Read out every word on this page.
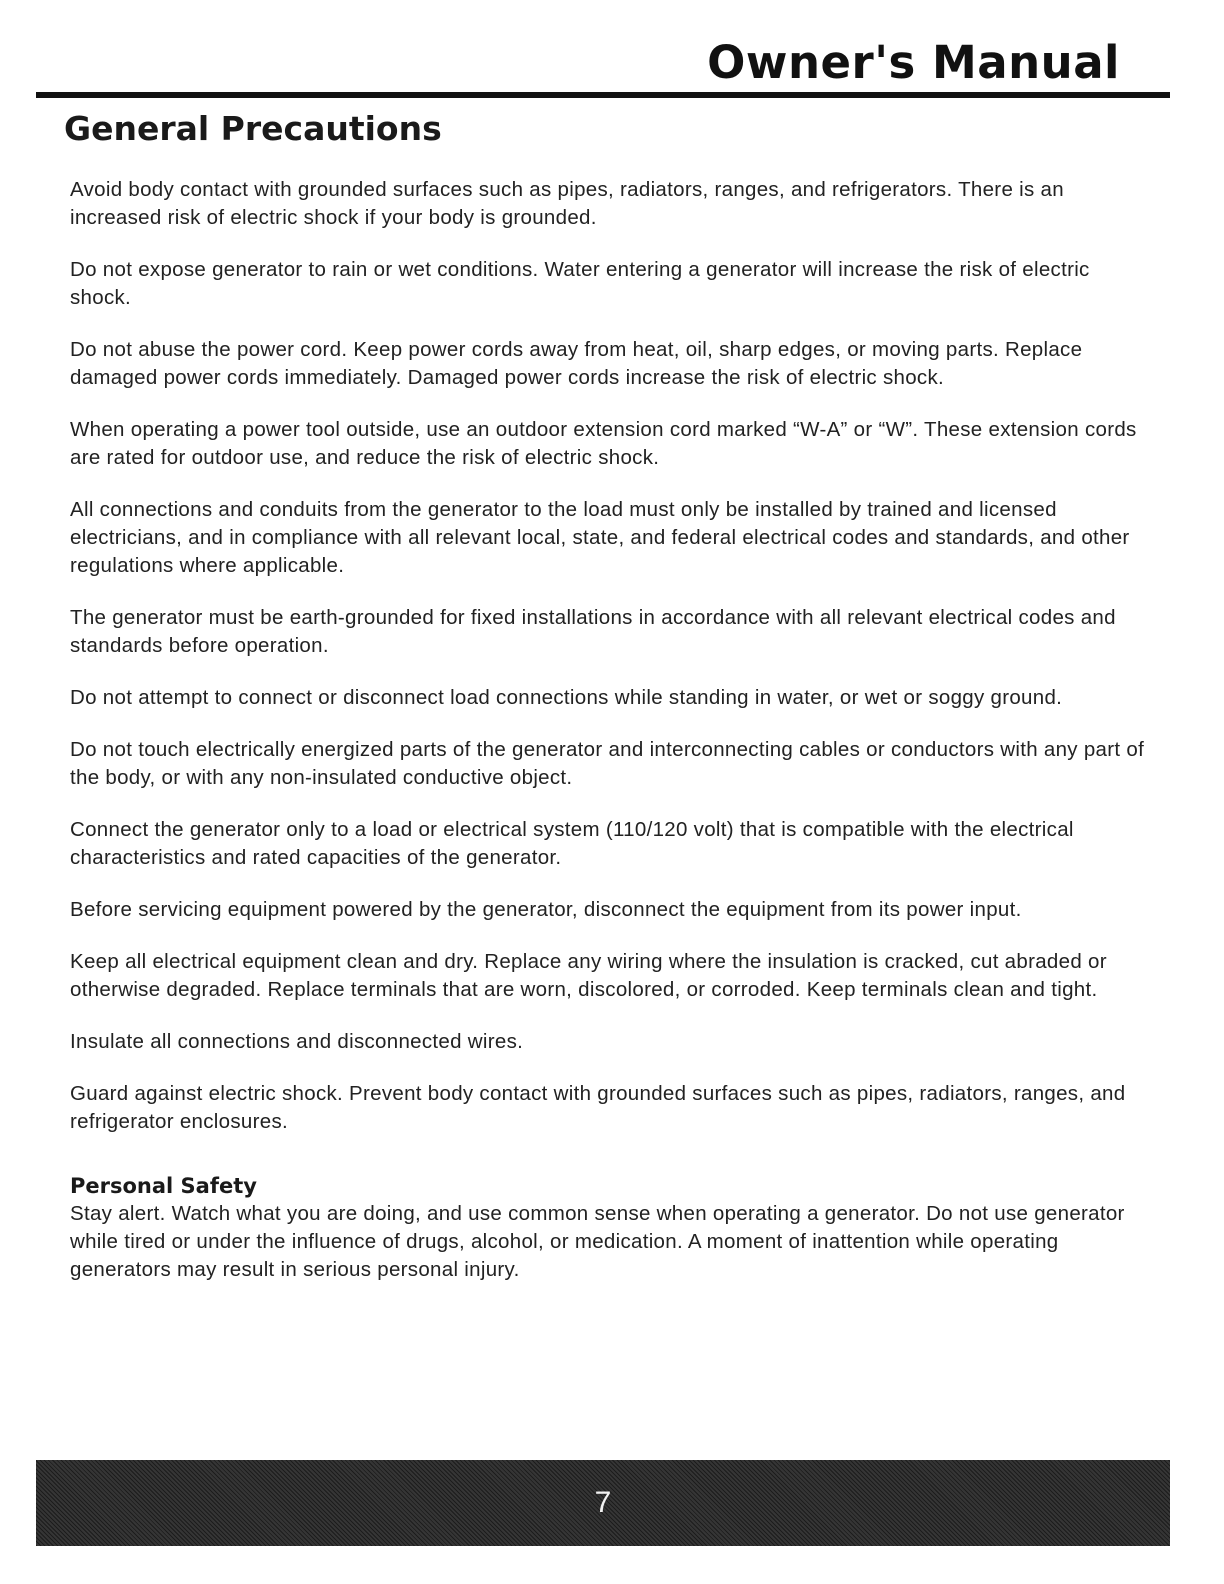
Owner's Manual
General Precautions

Avoid body contact with grounded surfaces such as pipes, radiators, ranges, and refrigerators. There is an increased risk of electric shock if your body is grounded.

Do not expose generator to rain or wet conditions. Water entering a generator will increase the risk of electric shock.

Do not abuse the power cord. Keep power cords away from heat, oil, sharp edges, or moving parts. Replace damaged power cords immediately. Damaged power cords increase the risk of electric shock.

When operating a power tool outside, use an outdoor extension cord marked “W-A” or “W”. These extension cords are rated for outdoor use, and reduce the risk of electric shock.

All connections and conduits from the generator to the load must only be installed by trained and licensed electricians, and in compliance with all relevant local, state, and federal electrical codes and standards, and other regulations where applicable.

The generator must be earth-grounded for fixed installations in accordance with all relevant electrical codes and standards before operation.

Do not attempt to connect or disconnect load connections while standing in water, or wet or soggy ground.

Do not touch electrically energized parts of the generator and interconnecting cables or conductors with any part of the body, or with any non-insulated conductive object.

Connect the generator only to a load or electrical system (110/120 volt) that is compatible with the electrical characteristics and rated capacities of the generator.

Before servicing equipment powered by the generator, disconnect the equipment from its power input.

Keep all electrical equipment clean and dry. Replace any wiring where the insulation is cracked, cut abraded or otherwise degraded. Replace terminals that are worn, discolored, or corroded. Keep terminals clean and tight.

Insulate all connections and disconnected wires.

Guard against electric shock. Prevent body contact with grounded surfaces such as pipes, radiators, ranges, and refrigerator enclosures.

Personal Safety

Stay alert. Watch what you are doing, and use common sense when operating a generator. Do not use generator while tired or under the influence of drugs, alcohol, or medication. A moment of inattention while operating generators may result in serious personal injury.

7
